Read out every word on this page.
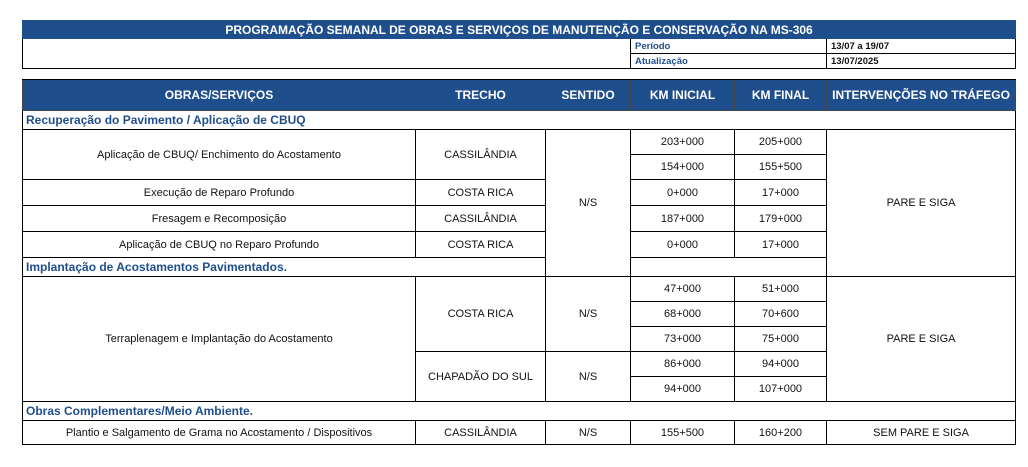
PROGRAMAÇÃO SEMANAL DE OBRAS E SERVIÇOS DE MANUTENÇÃO E CONSERVAÇÃO NA MS-306					
			Período		13/07 a 19/07
			Atualização		13/07/2025

OBRAS/SERVIÇOS	TRECHO	SENTIDO	KM INICIAL	KM FINAL	INTERVENÇÕES NO TRÁFEGO
Recuperação do Pavimento / Aplicação de CBUQ					
Aplicação de CBUQ/ Enchimento do Acostamento	CASSILÂNDIA	N/S	203+000	205+000	PARE E SIGA
			154+000	155+500	
Execução de Reparo Profundo	COSTA RICA		0+000	17+000	
Fresagem e Recomposição	CASSILÂNDIA		187+000	179+000	
Aplicação de CBUQ no Reparo Profundo	COSTA RICA		0+000	17+000	
Implantação de Acostamentos Pavimentados.					
Terraplenagem e Implantação do Acostamento	COSTA RICA	N/S	47+000	51+000	PARE E SIGA
			68+000	70+600	
			73+000	75+000	
	CHAPADÃO DO SUL	N/S	86+000	94+000	
			94+000	107+000	
Obras Complementares/Meio Ambiente.					
Plantio e Salgamento de Grama no Acostamento / Dispositivos	CASSILÂNDIA	N/S	155+500	160+200	SEM PARE E SIGA
